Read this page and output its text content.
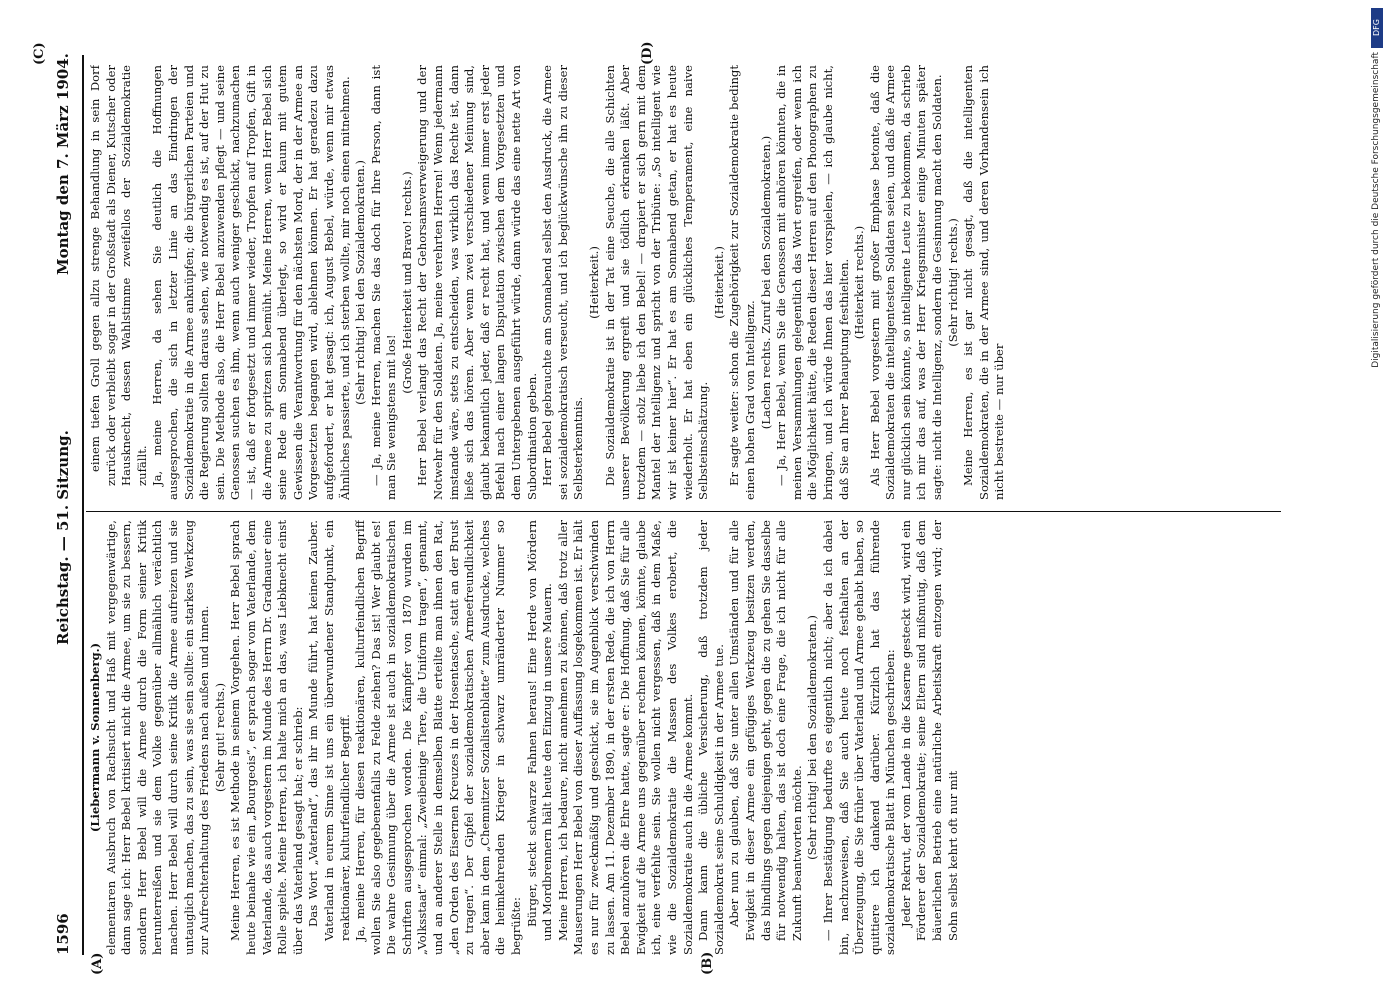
1596
Reichstag. — 51. Sitzung.
Montag den 7. März 1904.
(A)	(B)
(C)	(D)

(Liebermann v. Sonnenberg.) elementaren Ausbruch von Rachsucht und Haß mit vergegenwärtige, dann sage ich: Herr Bebel kritisiert nicht die Armee, um sie zu bessern, sondern Herr Bebel will die Armee durch die Form seiner Kritik herunterreißen und sie dem Volke gegenüber allmählich verächtlich machen. Herr Bebel will durch seine Kritik die Armee aufreizen und sie untauglich machen, das zu sein, was sie sein sollte: ein starkes Werkzeug zur Aufrechterhaltung des Friedens nach außen und innen. (Sehr gut! rechts.) Meine Herren, es ist Methode in seinem Vorgehen. Herr Bebel sprach heute beinahe wie ein „Bourgeois“, er sprach sogar vom Vaterlande, dem Vaterlande, das auch vorgestern im Munde des Herrn Dr. Gradnauer eine Rolle spielte. Meine Herren, ich halte mich an das, was Liebknecht einst über das Vaterland gesagt hat; er schrieb: Das Wort „Vaterland“, das ihr im Munde führt, hat keinen Zauber. Vaterland in eurem Sinne ist uns ein überwundener Standpunkt, ein reaktionärer, kulturfeindlicher Begriff. Ja, meine Herren, für diesen reaktionären, kulturfeindlichen Begriff wollen Sie also gegebenenfalls zu Felde ziehen? Das ist! Wer glaubt es! Die wahre Gesinnung über die Armee ist auch in sozialdemokratischen Schriften ausgesprochen worden. Die Kämpfer von 1870 wurden im „Volksstaat“ einmal: „Zweibeinige Tiere, die Uniform tragen“, genannt, und an anderer Stelle in demselben Blatte erteilte man ihnen den Rat, „den Orden des Eisernen Kreuzes in der Hosentasche, statt an der Brust zu tragen“. Der Gipfel der sozialdemokratischen Armeefreundlichkeit aber kam in dem „Chemnitzer Sozialistenblatte“ zum Ausdrucke, welches die heimkehrenden Krieger in schwarz umränderter Nummer so begrüßte: Bürger, steckt schwarze Fahnen heraus! Eine Herde von Mördern und Mordbrennern hält heute den Einzug in unsere Mauern. Meine Herren, ich bedaure, nicht annehmen zu können, daß trotz aller Mauserungen Herr Bebel von dieser Auffassung losgekommen ist. Er hält es nur für zweckmäßig und geschickt, sie im Augenblick verschwinden zu lassen. Am 11. Dezember 1890, in der ersten Rede, die ich von Herrn Bebel anzuhören die Ehre hatte, sagte er: Die Hoffnung, daß Sie für alle Ewigkeit auf die Armee uns gegenüber rechnen können, könnte, glaube ich, eine verfehlte sein. Sie wollen nicht vergessen, daß in dem Maße, wie die Sozialdemokratie die Massen des Volkes erobert, die Sozialdemokratie auch in die Armee kommt. Dann kann die übliche Versicherung, daß trotzdem jeder Sozialdemokrat seine Schuldigkeit in der Armee tue. Aber nun zu glauben, daß Sie unter allen Umständen und für alle Ewigkeit in dieser Armee ein gefügiges Werkzeug besitzen werden, das blindlings gegen diejenigen geht, gegen die zu gehen Sie dasselbe für notwendig halten, das ist doch eine Frage, die ich nicht für alle Zukunft beantworten möchte. (Sehr richtig! bei den Sozialdemokraten.) — Ihrer Bestätigung bedurfte es eigentlich nicht; aber da ich dabei bin, nachzuweisen, daß Sie auch heute noch festhalten an der Überzeugung, die Sie früher über Vaterland und Armee gehabt haben, so quittiere ich dankend darüber. Kürzlich hat das führende sozialdemokratische Blatt in München geschrieben: Jeder Rekrut, der vom Lande in die Kaserne gesteckt wird, wird ein Förderer der Sozialdemokratie; seine Eltern sind mißmutig, daß dem bäuerlichen Betrieb eine natürliche Arbeitskraft entzogen wird; der Sohn selbst kehrt oft nur mit

einem tiefen Groll gegen allzu strenge Behandlung in sein Dorf zurück oder verbleibt sogar in der Großstadt als Diener, Kutscher oder Hausknecht, dessen Wahlstimme zweifellos der Sozialdemokratie zufällt. Ja, meine Herren, da sehen Sie deutlich die Hoffnungen ausgesprochen, die sich in letzter Linie an das Eindringen der Sozialdemokratie in die Armee anknüpfen; die bürgerlichen Parteien und die Regierung sollten daraus sehen, wie notwendig es ist, auf der Hut zu sein. Die Methode also, die Herr Bebel anzuwenden pflegt — und seine Genossen suchen es ihm, wenn auch weniger geschickt, nachzumachen — ist, daß er fortgesetzt und immer wieder, Tropfen auf Tropfen, Gift in die Armee zu spritzen sich bemüht. Meine Herren, wenn Herr Bebel sich seine Rede am Sonnabend überlegt, so wird er kaum mit gutem Gewissen die Verantwortung für den nächsten Mord, der in der Armee an Vorgesetzten begangen wird, ablehnen können. Er hat geradezu dazu aufgefordert, er hat gesagt: ich, August Bebel, würde, wenn mir etwas Ähnliches passierte, und ich sterben wollte, mir noch einen mitnehmen. (Sehr richtig! bei den Sozialdemokraten.) — Ja, meine Herren, machen Sie das doch für Ihre Person, dann ist man Sie wenigstens mit los!

(Große Heiterkeit und Bravo! rechts.) Herr Bebel verlangt das Recht der Gehorsamsverweigerung und der Notwehr für den Soldaten. Ja, meine verehrten Herren! Wenn jedermann imstande wäre, stets zu entscheiden, was wirklich das Rechte ist, dann ließe sich das hören. Aber wenn zwei verschiedener Meinung sind, glaubt bekanntlich jeder, daß er recht hat, und wenn immer erst jeder Befehl nach einer langen Disputation zwischen dem Vorgesetzten und dem Untergebenen ausgeführt würde, dann würde das eine nette Art von Subordination geben. Herr Bebel gebrauchte am Sonnabend selbst den Ausdruck, die Armee sei sozialdemokratisch verseucht, und ich beglückwünsche ihn zu dieser Selbsterkenntnis.

(Heiterkeit.) Die Sozialdemokratie ist in der Tat eine Seuche, die alle Schichten unserer Bevölkerung ergreift und sie tödlich erkranken läßt. Aber trotzdem — stolz liebe ich den Bebel! — drapiert er sich gern mit dem Mantel der Intelligenz und spricht von der Tribüne: „So intelligent wie wir ist keiner hier“. Er hat es am Sonnabend getan, er hat es heute wiederholt. Er hat eben ein glückliches Temperament, eine naive Selbsteinschätzung.

(Heiterkeit.) Er sagte weiter: schon die Zugehörigkeit zur Sozialdemokratie bedingt einen hohen Grad von Intelligenz. (Lachen rechts. Zuruf bei den Sozialdemokraten.) — Ja, Herr Bebel, wenn Sie die Genossen mit anhören könnten, die in meinen Versammlungen gelegentlich das Wort ergreifen, oder wenn ich die Möglichkeit hätte, die Reden dieser Herren auf den Phonographen zu bringen, und ich würde Ihnen das hier vorspielen, — ich glaube nicht, daß Sie an Ihrer Behauptung festhielten. (Heiterkeit rechts.) Als Herr Bebel vorgestern mit großer Emphase betonte, daß die Sozialdemokraten die intelligentesten Soldaten seien, und daß die Armee nur glücklich sein könnte, so intelligente Leute zu bekommen, da schrieb ich mir das auf, was der Herr Kriegsminister einige Minuten später sagte: nicht die Intelligenz, sondern die Gesinnung macht den Soldaten. (Sehr richtig! rechts.) Meine Herren, es ist gar nicht gesagt, daß die intelligenten Sozialdemokraten, die in der Armee sind, und deren Vorhandensein ich nicht bestreite — nur über

DFG
Digitalisierung gefördert durch die Deutsche Forschungsgemeinschaft
